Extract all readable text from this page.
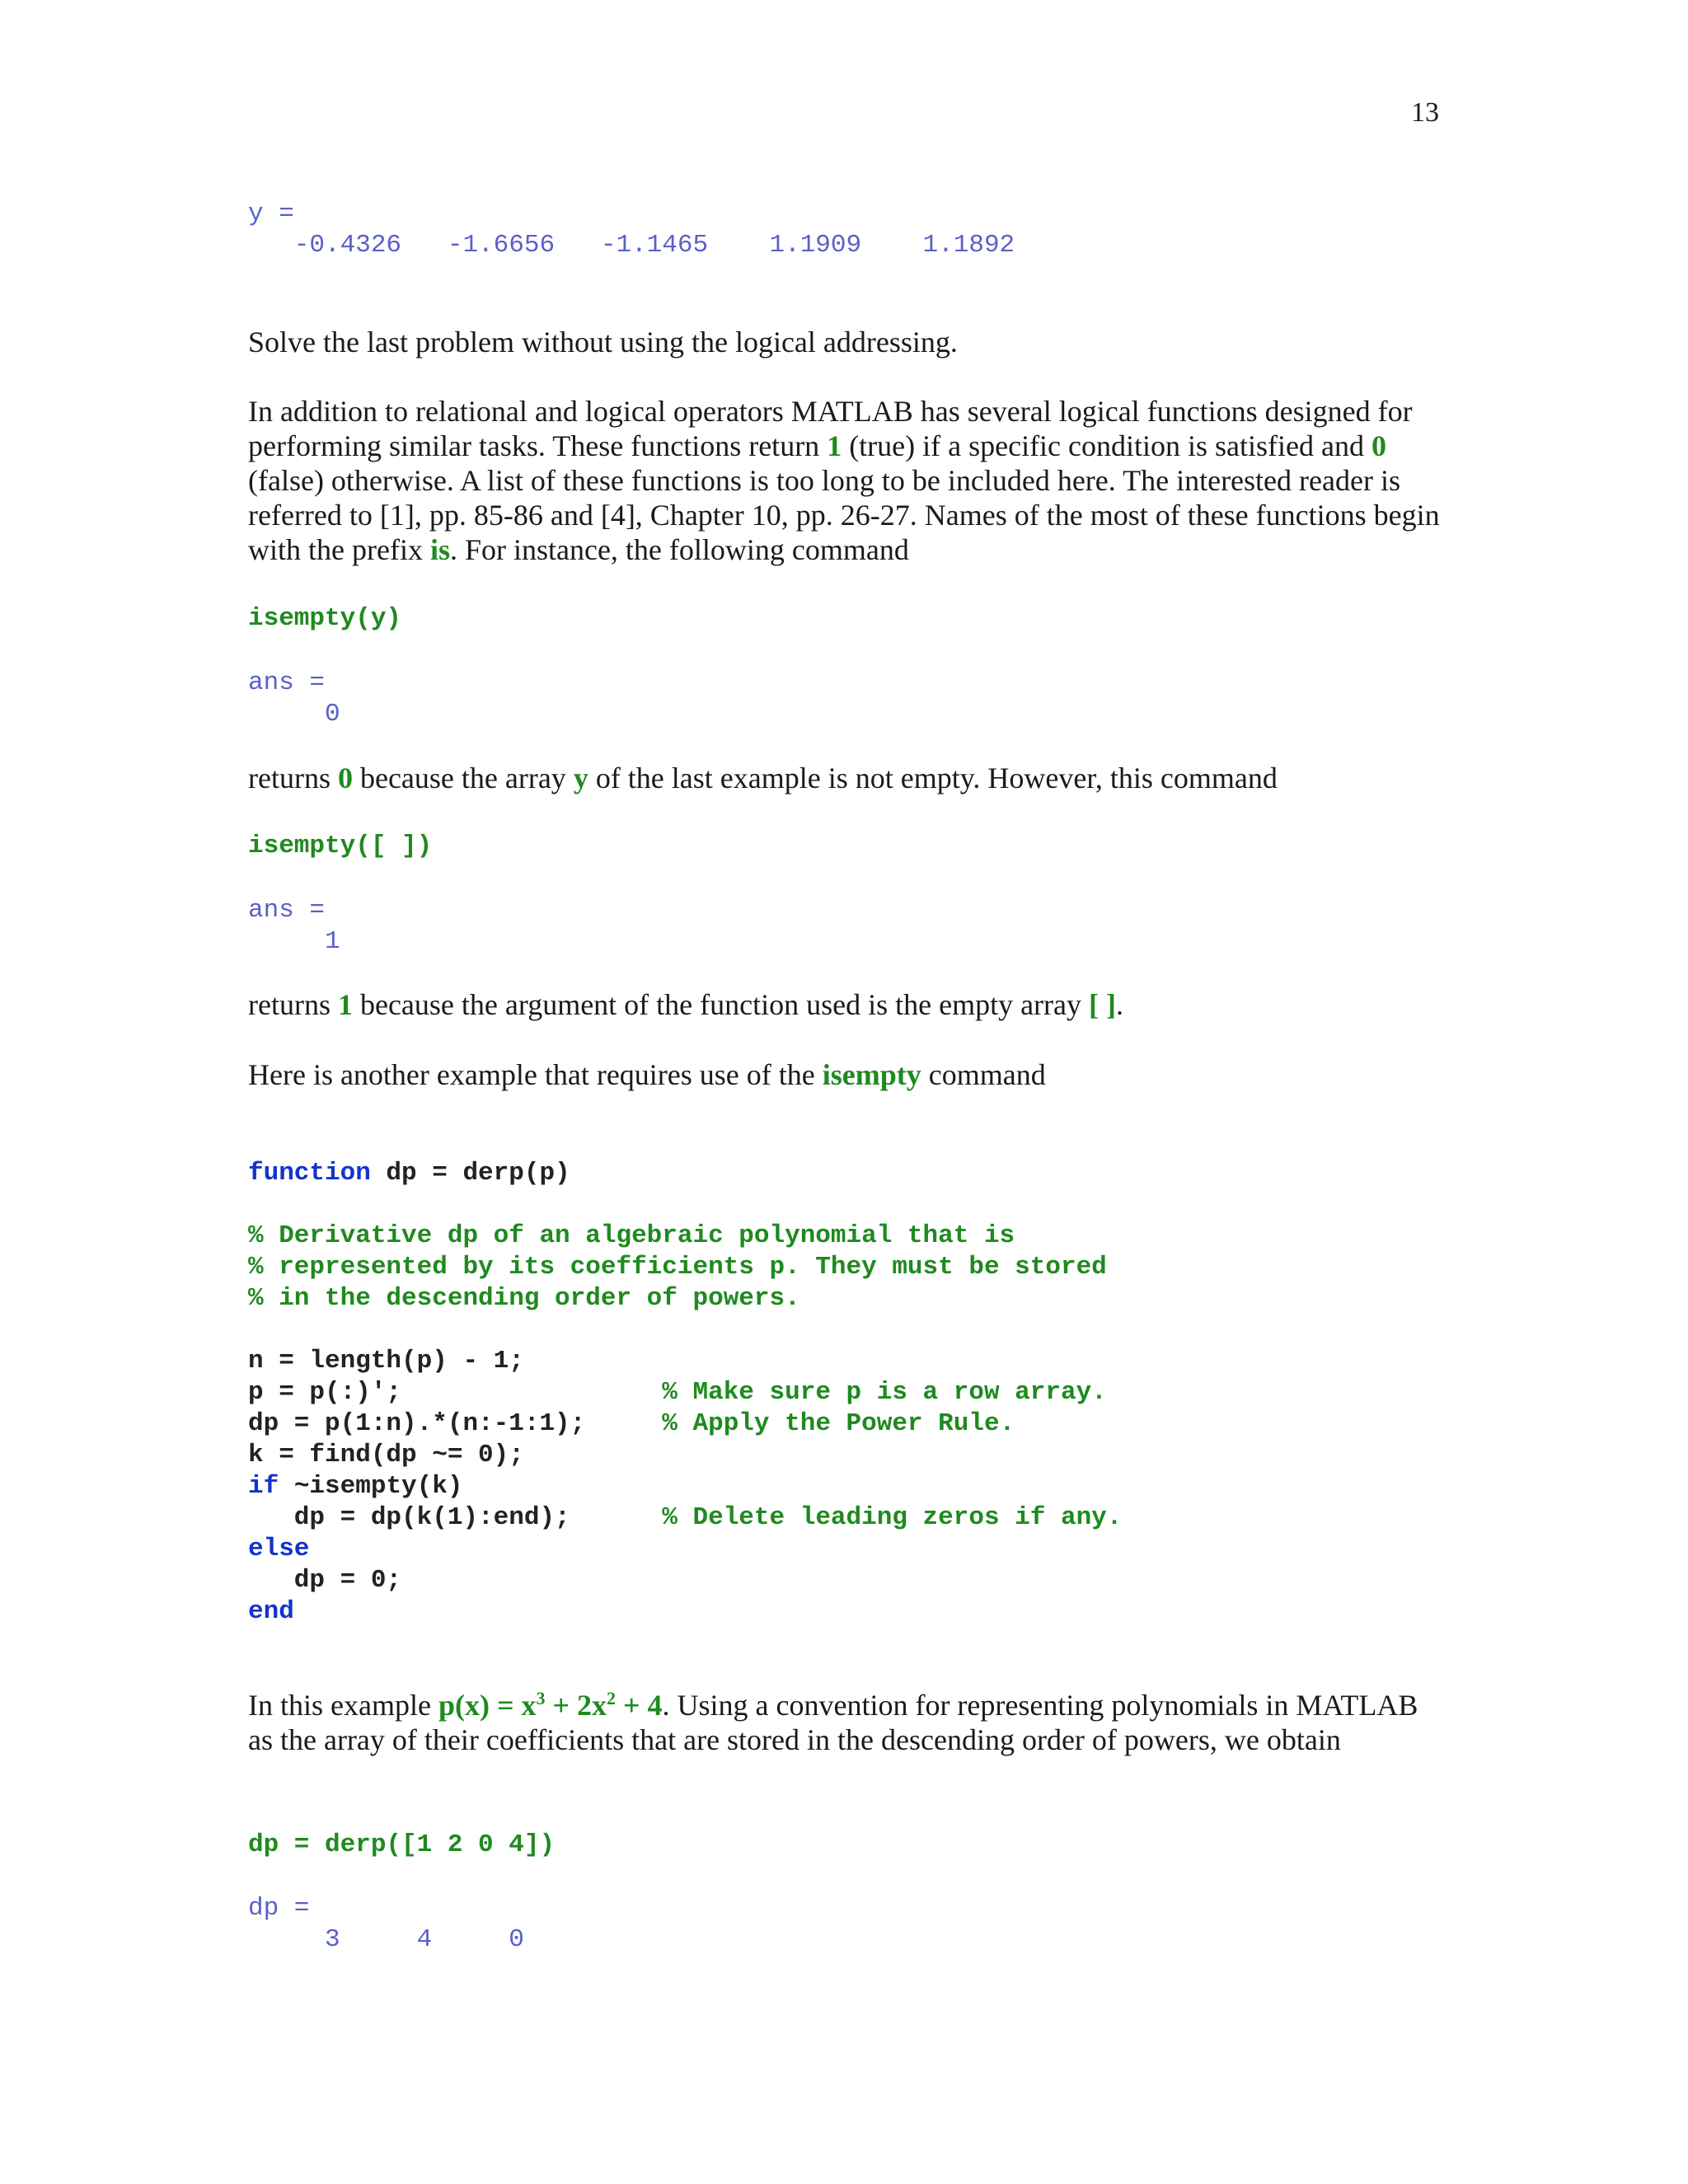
13
y =
-0.4326   -1.6656   -1.1465    1.1909    1.1892
Solve the last problem without using the logical addressing.
In addition to relational and logical operators MATLAB has several logical functions designed for performing similar tasks. These functions return 1 (true) if a specific condition is satisfied and 0 (false) otherwise. A list of these functions is too long to be included here. The interested reader is referred to [1], pp. 85-86 and [4], Chapter 10, pp. 26-27. Names of the most of these functions begin with the prefix is. For instance, the following command
isempty(y)
ans =
0
returns 0 because the array y of the last example is not empty. However, this command
isempty([ ])
ans =
1
returns 1 because the argument of the function used is the empty array [ ].
Here is another example that requires use of the isempty command
function dp = derp(p)

% Derivative dp of an algebraic polynomial that is
% represented by its coefficients p. They must be stored
% in the descending order of powers.

n = length(p) - 1;
p = p(:)';                 % Make sure p is a row array.
dp = p(1:n).*(n:-1:1);     % Apply the Power Rule.
k = find(dp ~= 0);
if ~isempty(k)
dp = dp(k(1):end);      % Delete leading zeros if any.
else
dp = 0;
end
In this example $p(x) = x^3 + 2x^2 + 4$. Using a convention for representing polynomials in MATLAB as the array of their coefficients that are stored in the descending order of powers, we obtain
dp = derp([1 2 0 4])
dp =
3     4     0
